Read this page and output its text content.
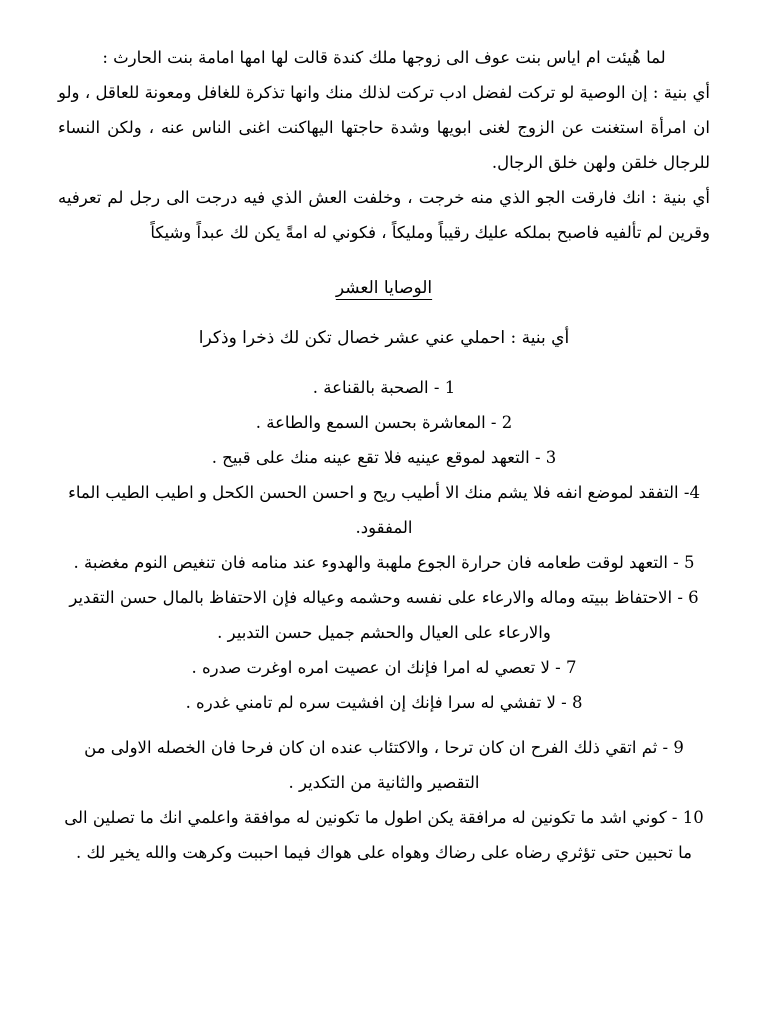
لما هُيئت ام اياس بنت عوف الى زوجها ملك كندة قالت لها امها امامة بنت الحارث :

أي بنية : إن الوصية لو تركت لفضل ادب تركت لذلك منك وانها تذكرة للغافل ومعونة للعاقل ، ولو ان امرأة استغنت عن الزوج لغنى ابويها وشدة حاجتها اليهاكنت اغنى الناس عنه ، ولكن النساء للرجال خلقن ولهن خلق الرجال.

أي بنية : انك فارقت الجو الذي منه خرجت ، وخلفت العش الذي فيه درجت الى رجل لم تعرفيه وقرين لم تألفيه فاصبح بملكه عليك رقيباً ومليكاً ، فكوني له امةً يكن لك عبداً وشيكاً

الوصايا العشر

أي بنية : احملي عني عشر خصال تكن لك ذخرا وذكرا

1 - الصحبة بالقناعة .

2 - المعاشرة بحسن السمع والطاعة .

3 - التعهد لموقع عينيه فلا تقع عينه منك على قبيح .

4- التفقد لموضع انفه فلا يشم منك الا أطيب ريح و احسن الحسن الكحل و اطيب الطيب الماء المفقود.

5 - التعهد لوقت طعامه فان حرارة الجوع ملهبة والهدوء عند منامه فان تنغيص النوم مغضبة .

6 - الاحتفاظ ببيته وماله والارعاء على نفسه وحشمه وعياله فإن الاحتفاظ بالمال حسن التقدير والارعاء على العيال والحشم جميل حسن التدبير .

7 - لا تعصي له امرا فإنك ان عصيت امره اوغرت صدره .

8 - لا تفشي له سرا فإنك إن افشيت سره لم تامني غدره .

9 - ثم اتقي ذلك الفرح ان كان ترحا ، والاكتئاب عنده ان كان فرحا فان الخصله الاولى من التقصير والثانية من التكدير .

10 - كوني اشد ما تكونين له مرافقة يكن اطول ما تكونين له موافقة واعلمي انك ما تصلين الى ما تحبين حتى تؤثري رضاه على رضاك وهواه على هواك فيما احببت وكرهت والله يخير لك .
